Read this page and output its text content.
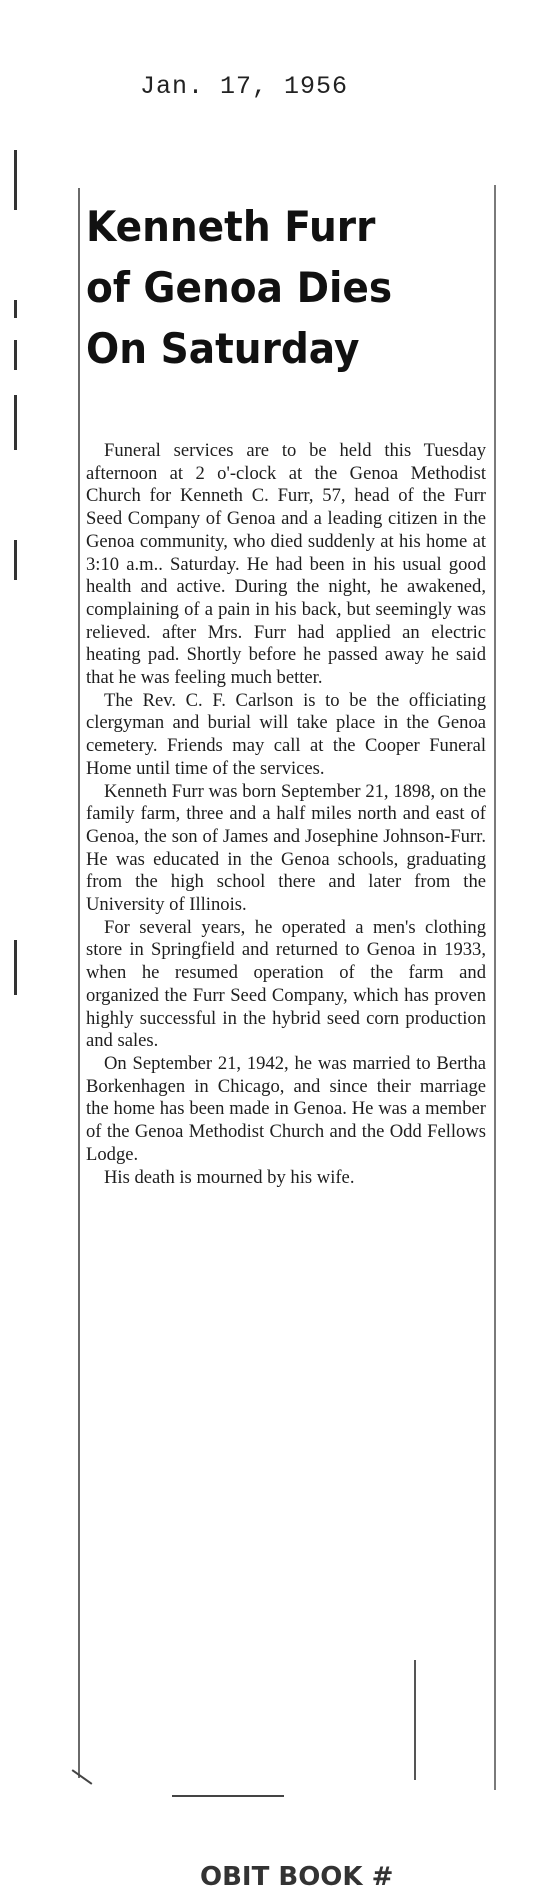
Jan. 17, 1956
Kenneth Furr
of Genoa Dies
On Saturday

Funeral services are to be held this Tuesday afternoon at 2 o'-clock at the Genoa Methodist Church for Kenneth C. Furr, 57, head of the Furr Seed Company of Genoa and a leading citizen in the Genoa community, who died suddenly at his home at 3:10 a.m.. Saturday. He had been in his usual good health and active. During the night, he awakened, complaining of a pain in his back, but seemingly was relieved. after Mrs. Furr had applied an electric heating pad. Shortly before he passed away he said that he was feeling much better.

The Rev. C. F. Carlson is to be the officiating clergyman and burial will take place in the Genoa cemetery. Friends may call at the Cooper Funeral Home until time of the services.

Kenneth Furr was born September 21, 1898, on the family farm, three and a half miles north and east of Genoa, the son of James and Josephine Johnson-Furr. He was educated in the Genoa schools, graduating from the high school there and later from the University of Illinois.

For several years, he operated a men's clothing store in Springfield and returned to Genoa in 1933, when he resumed operation of the farm and organized the Furr Seed Company, which has proven highly successful in the hybrid seed corn production and sales.

On September 21, 1942, he was married to Bertha Borkenhagen in Chicago, and since their marriage the home has been made in Genoa. He was a member of the Genoa Methodist Church and the Odd Fellows Lodge.

His death is mourned by his wife.

OBIT BOOK #
